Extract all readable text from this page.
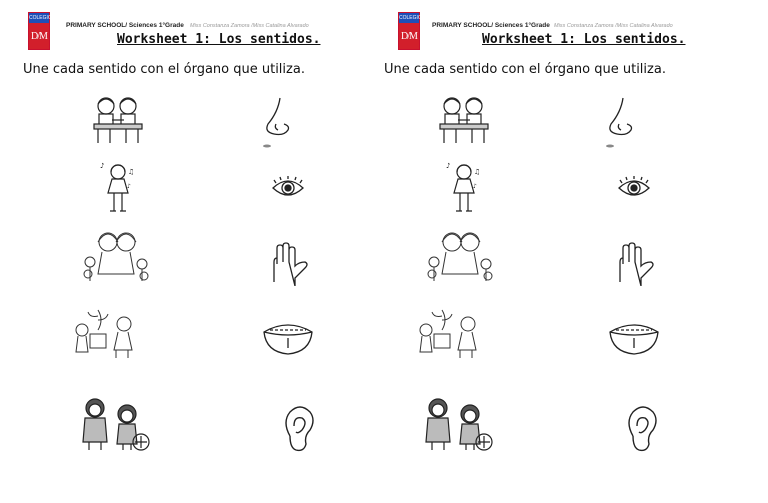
COLEGIO
D/M
PRIMARY SCHOOL/ Sciences 1°Grade Miss Constanza Zamora /Miss Catalina Alvarado
Worksheet 1: Los sentidos.
Une cada sentido con el órgano que utiliza.
♪
♫
♪
COLEGIO
D/M
PRIMARY SCHOOL/ Sciences 1°Grade Miss Constanza Zamora /Miss Catalina Alvarado
Worksheet 1: Los sentidos.
Une cada sentido con el órgano que utiliza.
♪
♫
♪
